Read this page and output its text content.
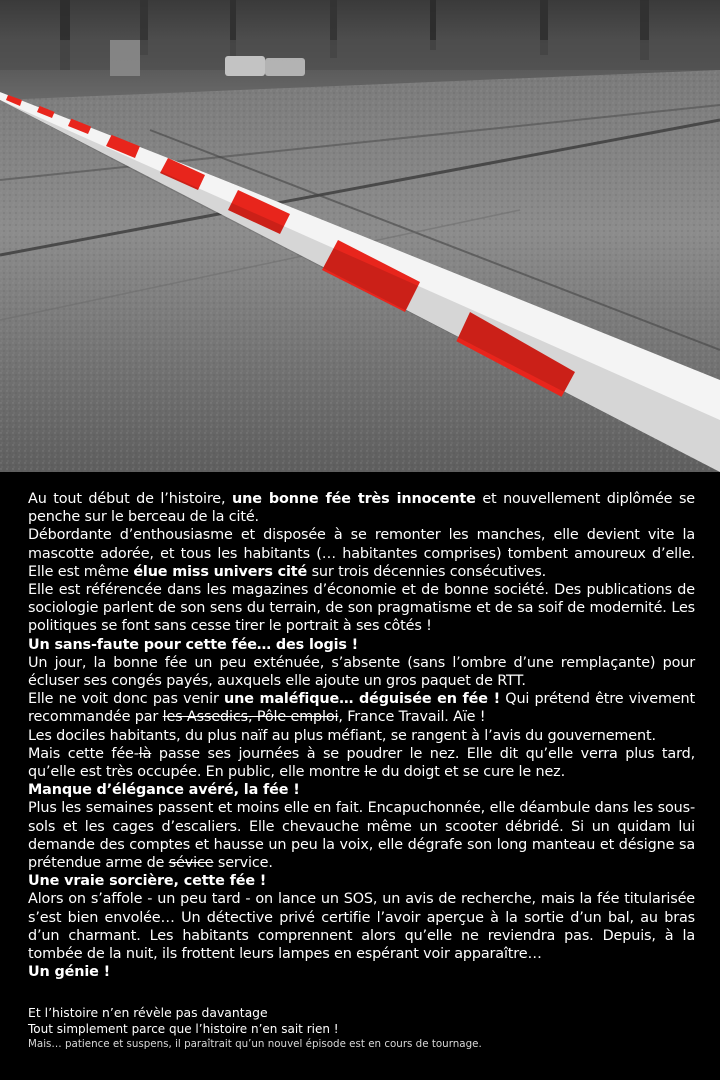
Au tout début de l’histoire, une bonne fée très innocente et nouvellement diplômée se penche sur le berceau de la cité.

Débordante d’enthousiasme et disposée à se remonter les manches, elle devient vite la mascotte adorée, et tous les habitants (… habitantes comprises) tombent amoureux d’elle. Elle est même élue miss univers cité sur trois décennies consécutives.

Elle est référencée dans les magazines d’économie et de bonne société. Des publications de sociologie parlent de son sens du terrain, de son pragmatisme et de sa soif de modernité. Les politiques se font sans cesse tirer le portrait à ses côtés !

Un sans-faute pour cette fée… des logis !

Un jour, la bonne fée un peu exténuée, s’absente (sans l’ombre d’une remplaçante) pour écluser ses congés payés, auxquels elle ajoute un gros paquet de RTT.

Elle ne voit donc pas venir une maléfique… déguisée en fée ! Qui prétend être vivement recommandée par les Assedics, Pôle emploi, France Travail. Aïe !

Les dociles habitants, du plus naïf au plus méfiant, se rangent à l’avis du gouvernement.

Mais cette fée-là passe ses journées à se poudrer le nez. Elle dit qu’elle verra plus tard, qu’elle est très occupée. En public, elle montre le du doigt et se cure le nez.

Manque d’élégance avéré, la fée !

Plus les semaines passent et moins elle en fait. Encapuchonnée, elle déambule dans les sous-sols et les cages d’escaliers. Elle chevauche même un scooter débridé. Si un quidam lui demande des comptes et hausse un peu la voix, elle dégrafe son long manteau et désigne sa prétendue arme de sévice service.

Une vraie sorcière, cette fée !

Alors on s’affole - un peu tard - on lance un SOS, un avis de recherche, mais la fée titularisée s’est bien envolée… Un détective privé certifie l’avoir aperçue à la sortie d’un bal, au bras d’un charmant. Les habitants comprennent alors qu’elle ne reviendra pas. Depuis, à la tombée de la nuit, ils frottent leurs lampes en espérant voir apparaître…

Un génie !

Et l’histoire n’en révèle pas davantage

Tout simplement parce que l’histoire n’en sait rien !

Mais… patience et suspens, il paraîtrait qu’un nouvel épisode est en cours de tournage.
